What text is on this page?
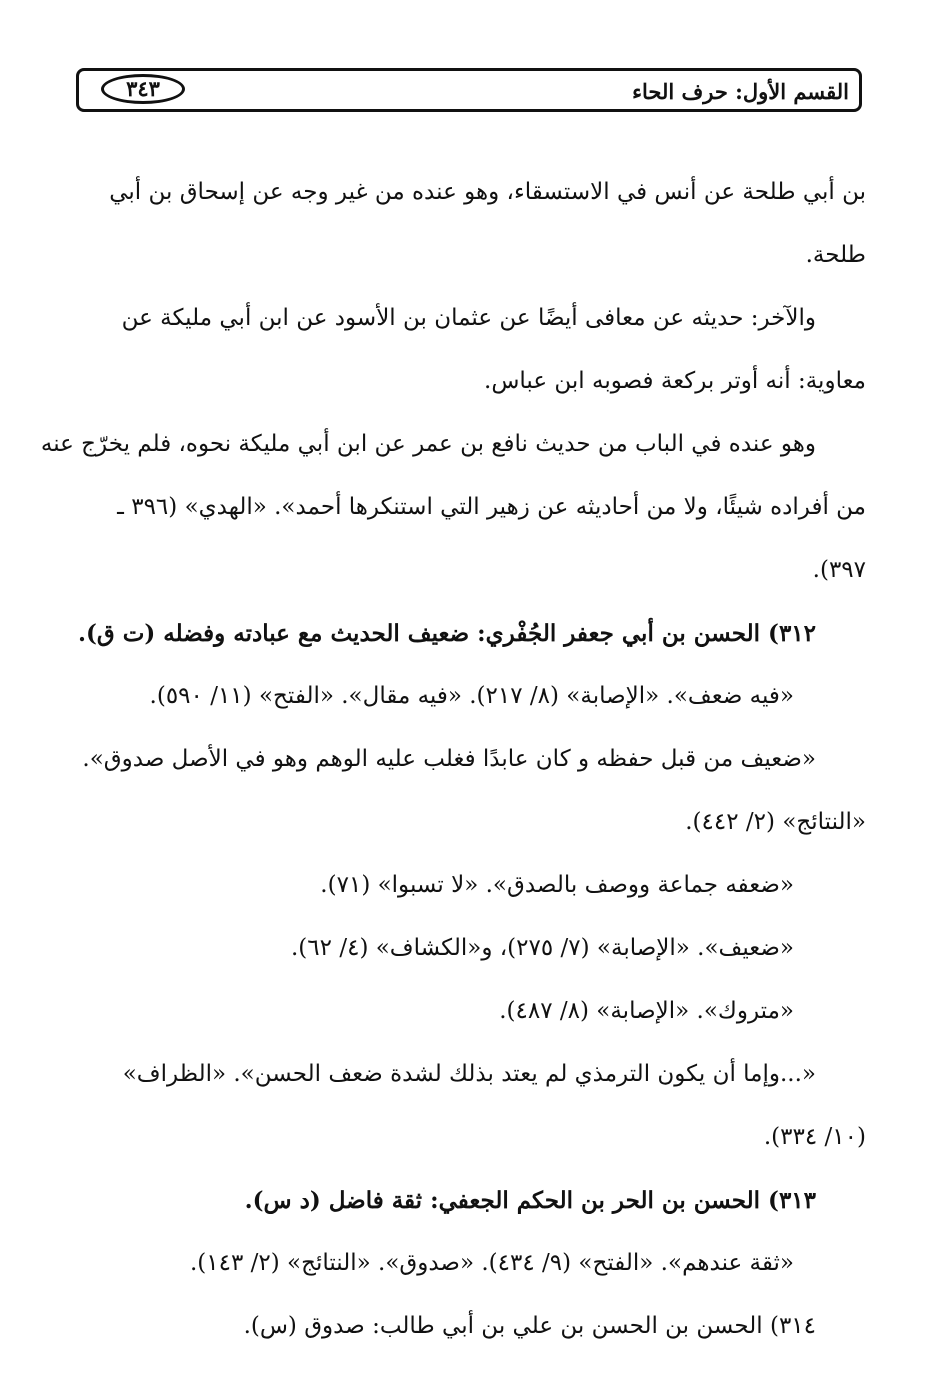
القسم الأول: حرف الحاء
٣٤٣
بن أبي طلحة عن أنس في الاستسقاء، وهو عنده من غير وجه عن إسحاق بن أبي
طلحة.
والآخر: حديثه عن معافى أيضًا عن عثمان بن الأسود عن ابن أبي مليكة عن
معاوية: أنه أوتر بركعة فصوبه ابن عباس.
وهو عنده في الباب من حديث نافع بن عمر عن ابن أبي مليكة نحوه، فلم يخرّج عنه
من أفراده شيئًا، ولا من أحاديثه عن زهير التي استنكرها أحمد». «الهدي» (٣٩٦ ـ
٣٩٧).
٣١٢) الحسن بن أبي جعفر الجُفْري: ضعيف الحديث مع عبادته وفضله (ت ق).
«فيه ضعف». «الإصابة» (٨/ ٢١٧). «فيه مقال». «الفتح» (١١/ ٥٩٠).
«ضعيف من قبل حفظه و كان عابدًا فغلب عليه الوهم وهو في الأصل صدوق».
«النتائج» (٢/ ٤٤٢).
«ضعفه جماعة ووصف بالصدق». «لا تسبوا» (٧١).
«ضعيف». «الإصابة» (٧/ ٢٧٥)، و«الكشاف» (٤/ ٦٢).
«متروك». «الإصابة» (٨/ ٤٨٧).
«...وإما أن يكون الترمذي لم يعتد بذلك لشدة ضعف الحسن». «الظراف»
(١٠/ ٣٣٤).
٣١٣) الحسن بن الحر بن الحكم الجعفي: ثقة فاضل (د س).
«ثقة عندهم». «الفتح» (٩/ ٤٣٤). «صدوق». «النتائج» (٢/ ١٤٣).
٣١٤) الحسن بن الحسن بن علي بن أبي طالب: صدوق (س).
